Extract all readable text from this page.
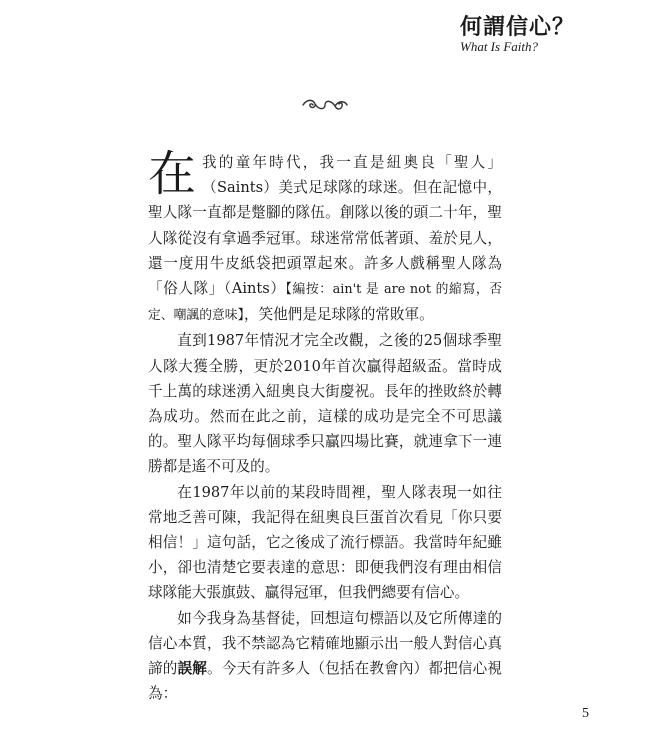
何謂信心？
What Is Faith?

在我的童年時代，我一直是紐奧良「聖人」（Saints）美式足球隊的球迷。但在記憶中，聖人隊一直都是蹩腳的隊伍。創隊以後的頭二十年，聖人隊從沒有拿過季冠軍。球迷常常低著頭、羞於見人，還一度用牛皮紙袋把頭罩起來。許多人戲稱聖人隊為「俗人隊」（Aints）【編按：ain't 是 are not 的縮寫，否定、嘲諷的意味】，笑他們是足球隊的常敗軍。

直到1987年情況才完全改觀，之後的25個球季聖人隊大獲全勝，更於2010年首次贏得超級盃。當時成千上萬的球迷湧入紐奧良大街慶祝。長年的挫敗終於轉為成功。然而在此之前，這樣的成功是完全不可思議的。聖人隊平均每個球季只贏四場比賽，就連拿下一連勝都是遙不可及的。

在1987年以前的某段時間裡，聖人隊表現一如往常地乏善可陳，我記得在紐奧良巨蛋首次看見「你只要相信！」這句話，它之後成了流行標語。我當時年紀雖小，卻也清楚它要表達的意思：即便我們沒有理由相信球隊能大張旗鼓、贏得冠軍，但我們總要有信心。

如今我身為基督徒，回想這句標語以及它所傳達的信心本質，我不禁認為它精確地顯示出一般人對信心真諦的誤解。今天有許多人（包括在教會內）都把信心視為：

5
